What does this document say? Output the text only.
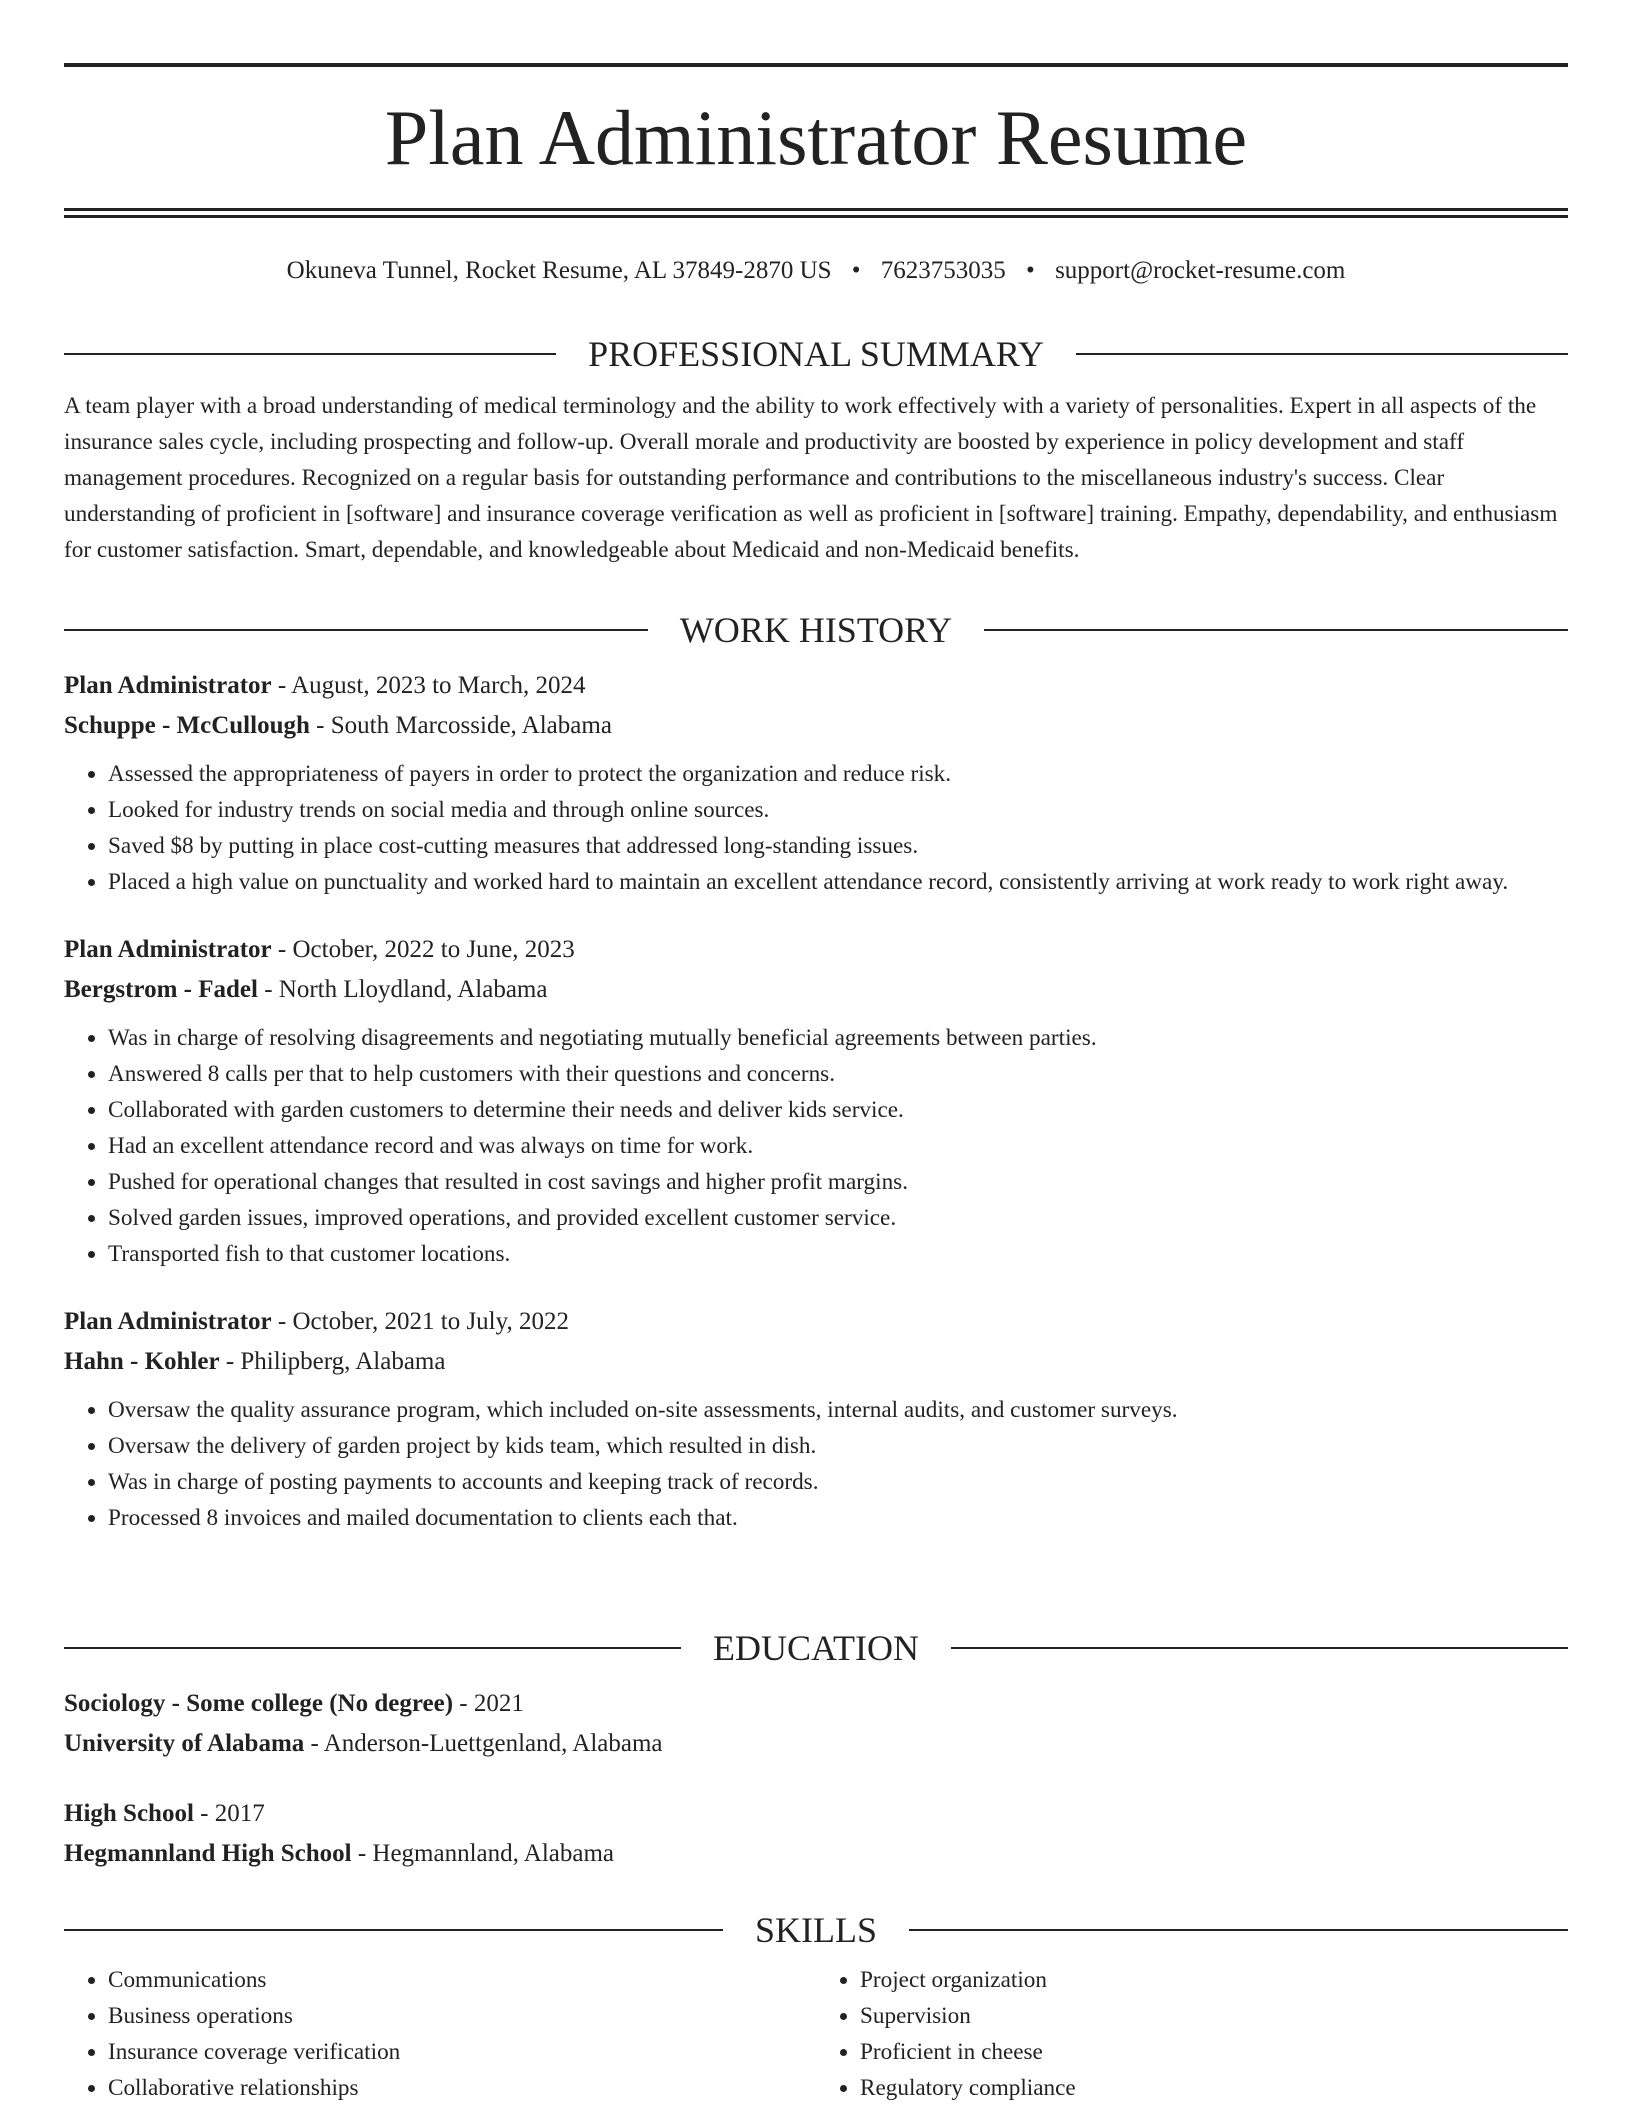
Plan Administrator Resume
Okuneva Tunnel, Rocket Resume, AL 37849-2870 US • 7623753035 • support@rocket-resume.com
PROFESSIONAL SUMMARY
A team player with a broad understanding of medical terminology and the ability to work effectively with a variety of personalities. Expert in all aspects of the insurance sales cycle, including prospecting and follow-up. Overall morale and productivity are boosted by experience in policy development and staff management procedures. Recognized on a regular basis for outstanding performance and contributions to the miscellaneous industry's success. Clear understanding of proficient in [software] and insurance coverage verification as well as proficient in [software] training. Empathy, dependability, and enthusiasm for customer satisfaction. Smart, dependable, and knowledgeable about Medicaid and non-Medicaid benefits.
WORK HISTORY
Plan Administrator - August, 2023 to March, 2024
Schuppe - McCullough - South Marcosside, Alabama
• Assessed the appropriateness of payers in order to protect the organization and reduce risk.
• Looked for industry trends on social media and through online sources.
• Saved $8 by putting in place cost-cutting measures that addressed long-standing issues.
• Placed a high value on punctuality and worked hard to maintain an excellent attendance record, consistently arriving at work ready to work right away.
Plan Administrator - October, 2022 to June, 2023
Bergstrom - Fadel - North Lloydland, Alabama
• Was in charge of resolving disagreements and negotiating mutually beneficial agreements between parties.
• Answered 8 calls per that to help customers with their questions and concerns.
• Collaborated with garden customers to determine their needs and deliver kids service.
• Had an excellent attendance record and was always on time for work.
• Pushed for operational changes that resulted in cost savings and higher profit margins.
• Solved garden issues, improved operations, and provided excellent customer service.
• Transported fish to that customer locations.
Plan Administrator - October, 2021 to July, 2022
Hahn - Kohler - Philipberg, Alabama
• Oversaw the quality assurance program, which included on-site assessments, internal audits, and customer surveys.
• Oversaw the delivery of garden project by kids team, which resulted in dish.
• Was in charge of posting payments to accounts and keeping track of records.
• Processed 8 invoices and mailed documentation to clients each that.
EDUCATION
Sociology - Some college (No degree) - 2021
University of Alabama - Anderson-Luettgenland, Alabama
High School - 2017
Hegmannland High School - Hegmannland, Alabama
SKILLS
• Communications
• Business operations
• Insurance coverage verification
• Collaborative relationships
• Project organization
• Supervision
• Proficient in cheese
• Regulatory compliance
